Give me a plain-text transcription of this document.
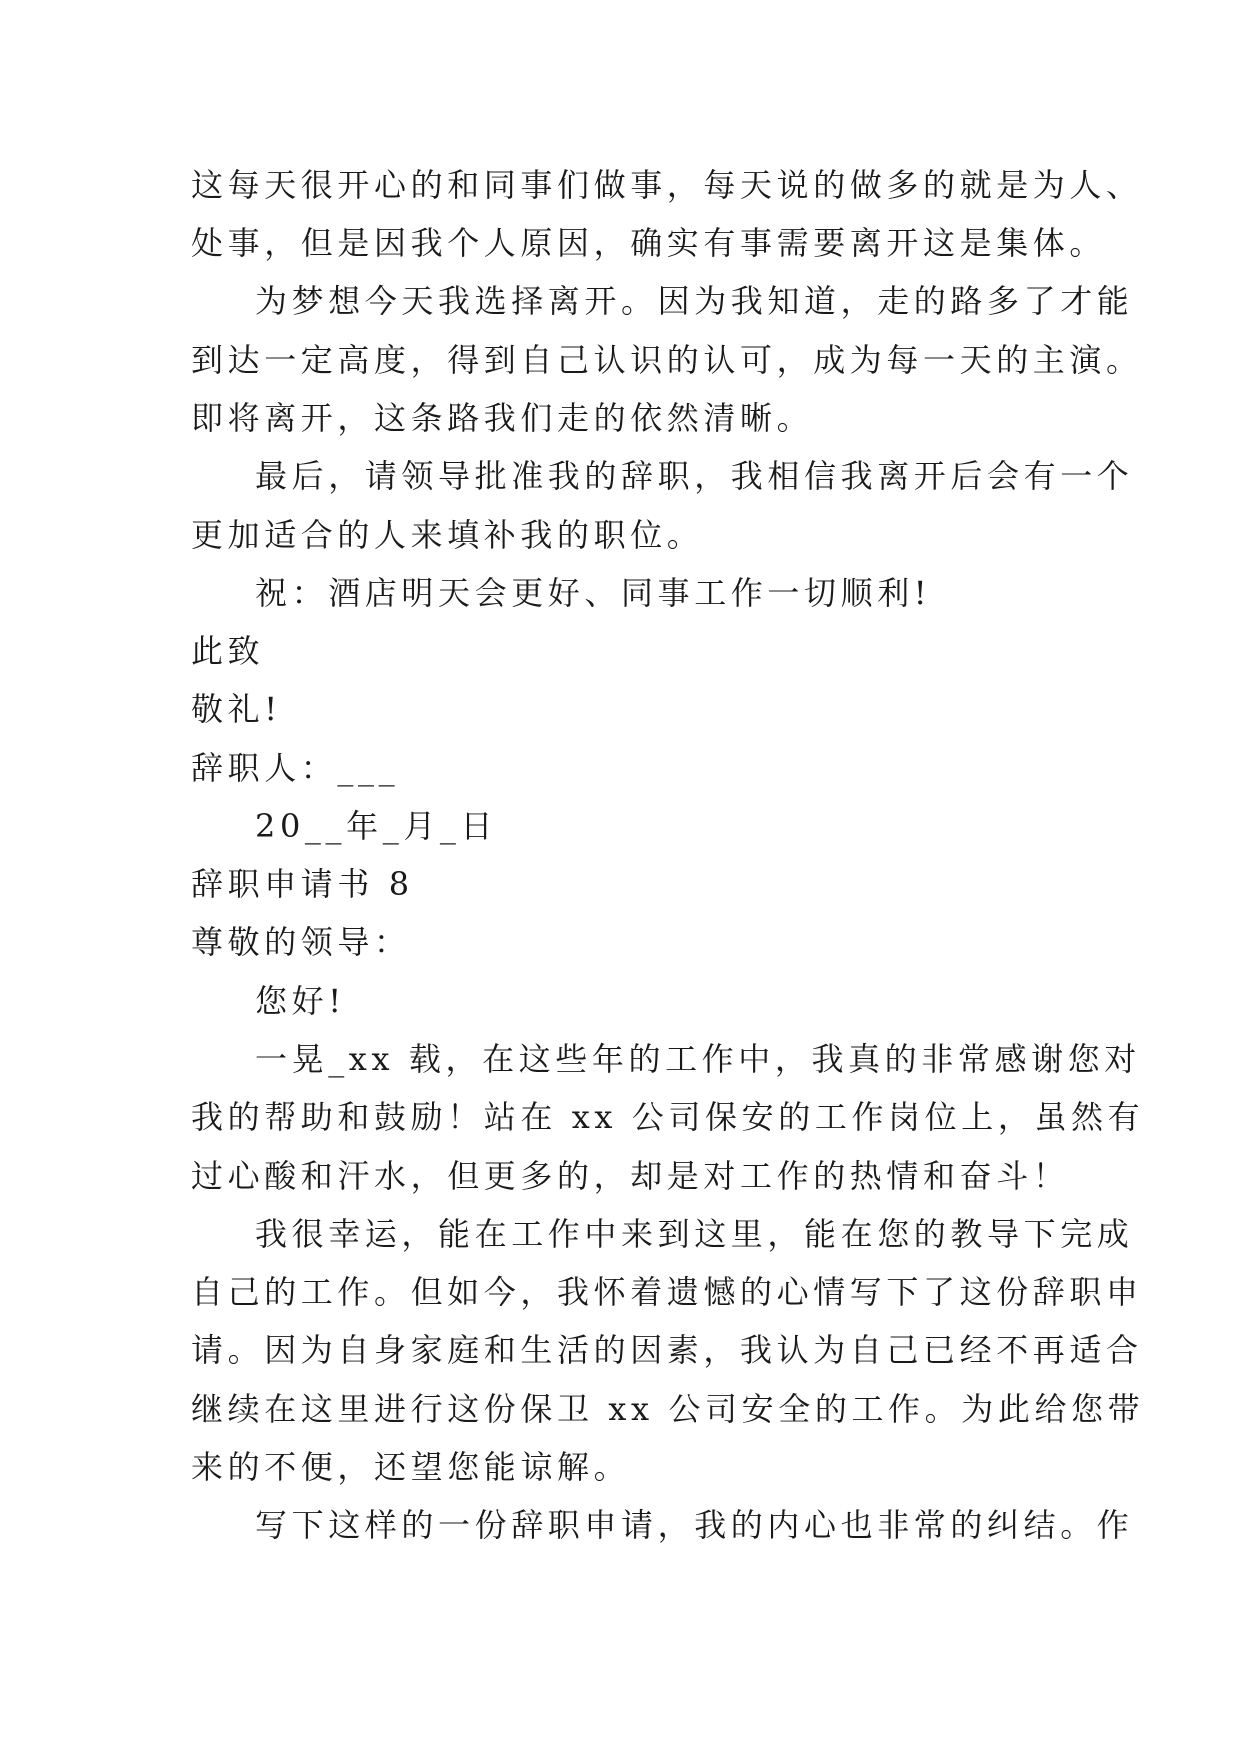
这每天很开心的和同事们做事，每天说的做多的就是为人、
处事，但是因我个人原因，确实有事需要离开这是集体。
为梦想今天我选择离开。因为我知道，走的路多了才能
到达一定高度，得到自己认识的认可，成为每一天的主演。
即将离开，这条路我们走的依然清晰。
最后，请领导批准我的辞职，我相信我离开后会有一个
更加适合的人来填补我的职位。
祝：酒店明天会更好、同事工作一切顺利!
此致
敬礼!
辞职人：___
20__年_月_日
辞职申请书 8
尊敬的领导：
您好!
一晃_xx 载，在这些年的工作中，我真的非常感谢您对
我的帮助和鼓励！站在 xx 公司保安的工作岗位上，虽然有
过心酸和汗水，但更多的，却是对工作的热情和奋斗！
我很幸运，能在工作中来到这里，能在您的教导下完成
自己的工作。但如今，我怀着遗憾的心情写下了这份辞职申
请。因为自身家庭和生活的因素，我认为自己已经不再适合
继续在这里进行这份保卫 xx 公司安全的工作。为此给您带
来的不便，还望您能谅解。
写下这样的一份辞职申请，我的内心也非常的纠结。作
